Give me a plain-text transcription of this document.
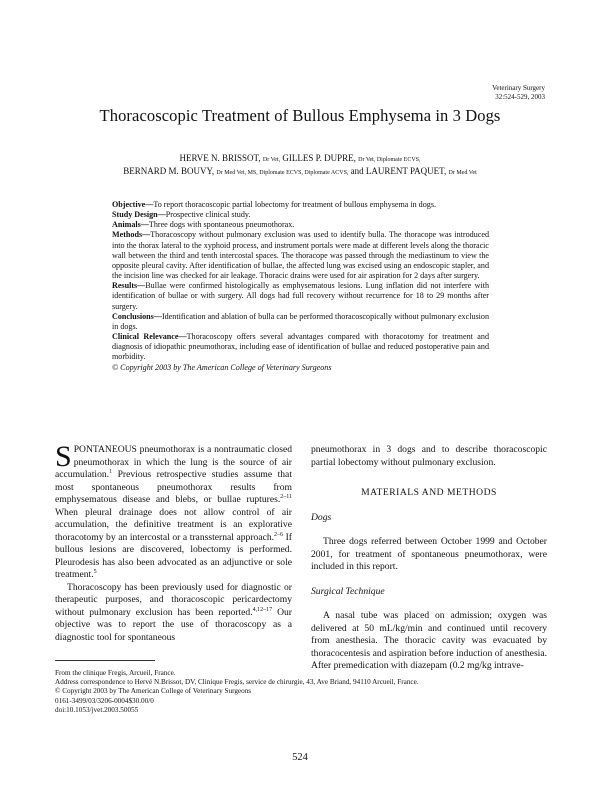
Veterinary Surgery
32:524-529, 2003
Thoracoscopic Treatment of Bullous Emphysema in 3 Dogs
HERVE N. BRISSOT, Dr Vet, GILLES P. DUPRE, Dr Vet, Diplomate ECVS,
BERNARD M. BOUVY, Dr Med Vet, MS, Diplomate ECVS, Diplomate ACVS, and LAURENT PAQUET, Dr Med Vet

Objective—To report thoracoscopic partial lobectomy for treatment of bullous emphysema in dogs.

Study Design—Prospective clinical study.

Animals—Three dogs with spontaneous pneumothorax.

Methods—Thoracoscopy without pulmonary exclusion was used to identify bulla. The thoracope was introduced into the thorax lateral to the xyphoid process, and instrument portals were made at different levels along the thoracic wall between the third and tenth intercostal spaces. The thoracope was passed through the mediastinum to view the opposite pleural cavity. After identification of bullae, the affected lung was excised using an endoscopic stapler, and the incision line was checked for air leakage. Thoracic drains were used for air aspiration for 2 days after surgery.

Results—Bullae were confirmed histologically as emphysematous lesions. Lung inflation did not interfere with identification of bullae or with surgery. All dogs had full recovery without recurrence for 18 to 29 months after surgery.

Conclusions—Identification and ablation of bulla can be performed thoracoscopically without pulmonary exclusion in dogs.

Clinical Relevance—Thoracoscopy offers several advantages compared with thoracotomy for treatment and diagnosis of idiopathic pneumothorax, including ease of identification of bullae and reduced postoperative pain and morbidity.

© Copyright 2003 by The American College of Veterinary Surgeons

SPONTANEOUS pneumothorax is a nontraumatic closed pneumothorax in which the lung is the source of air accumulation.$^1$ Previous retrospective studies assume that most spontaneous pneumothorax results from emphysematous disease and blebs, or bullae ruptures.$^{2-11}$ When pleural drainage does not allow control of air accumulation, the definitive treatment is an explorative thoracotomy by an intercostal or a transsternal approach.$^{2-6}$ If bullous lesions are discovered, lobectomy is performed. Pleurodesis has also been advocated as an adjunctive or sole treatment.$^5$

Thoracoscopy has been previously used for diagnostic or therapeutic purposes, and thoracoscopic pericardectomy without pulmonary exclusion has been reported.$^{4,12-17}$ Our objective was to report the use of thoracoscopy as a diagnostic tool for spontaneous

pneumothorax in 3 dogs and to describe thoracoscopic partial lobectomy without pulmonary exclusion.

MATERIALS AND METHODS

Dogs

Three dogs referred between October 1999 and October 2001, for treatment of spontaneous pneumothorax, were included in this report.

Surgical Technique

A nasal tube was placed on admission; oxygen was delivered at 50 mL/kg/min and continued until recovery from anesthesia. The thoracic cavity was evacuated by thoracocentesis and aspiration before induction of anesthesia. After premedication with diazepam (0.2 mg/kg intrave-

From the clinique Fregis, Arcueil, France.
Address correspondence to Hervé N.Brissot, DV, Clinique Fregis, service de chirurgie, 43, Ave Briand, 94110 Arcueil, France.
© Copyright 2003 by The American College of Veterinary Surgeons
0161-3499/03/3206-0004$30.00/0
doi:10.1053/jvet.2003.50055
524
